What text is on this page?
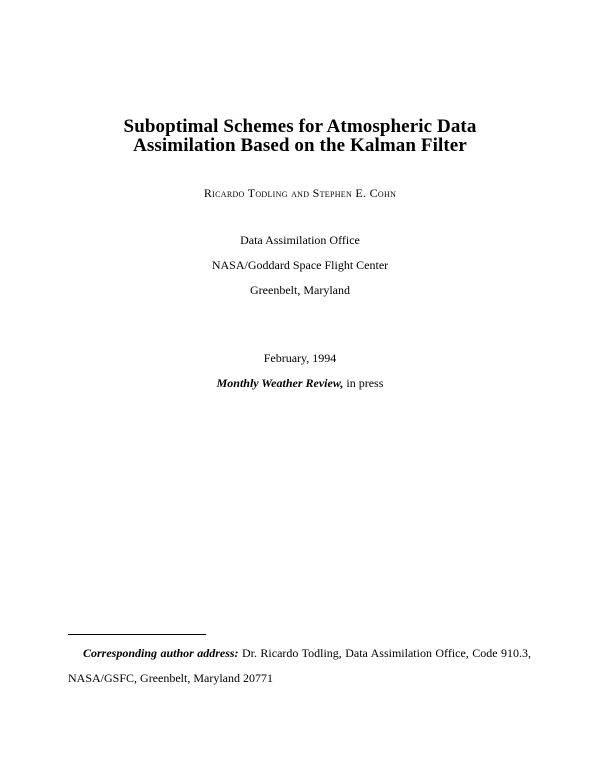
Suboptimal Schemes for Atmospheric Data
Assimilation Based on the Kalman Filter
Ricardo Todling and Stephen E. Cohn
Data Assimilation Office
NASA/Goddard Space Flight Center
Greenbelt, Maryland
February, 1994
Monthly Weather Review, in press
Corresponding author address: Dr. Ricardo Todling, Data Assimilation Office, Code 910.3, NASA/GSFC, Greenbelt, Maryland 20771
